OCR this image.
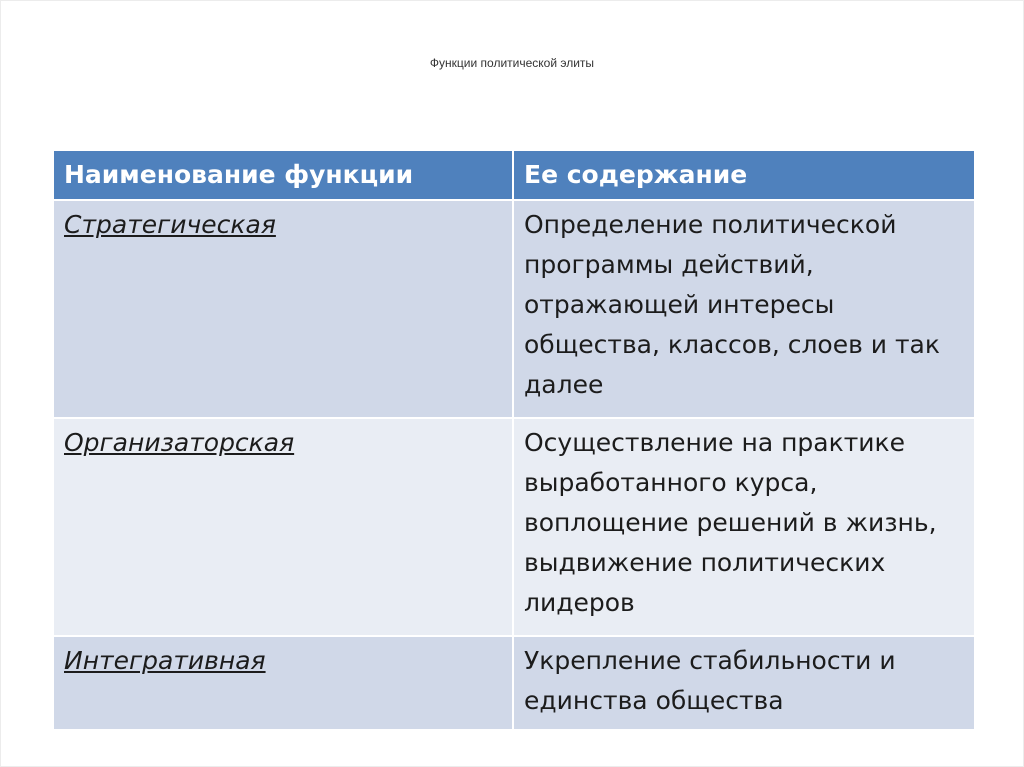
Функции политической элиты
Наименование функции	Ее содержание
Стратегическая	Определение политической программы действий, отражающей интересы общества, классов, слоев и так далее
Организаторская	Осуществление на практике выработанного курса, воплощение решений в жизнь, выдвижение политических лидеров
Интегративная	Укрепление стабильности и единства общества
